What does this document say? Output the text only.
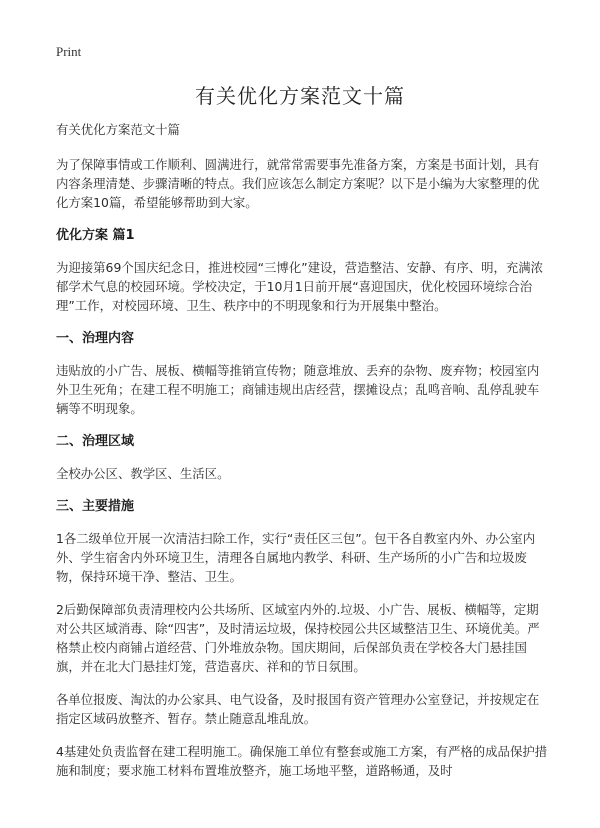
Print
有关优化方案范文十篇

有关优化方案范文十篇

为了保障事情或工作顺利、圆满进行，就常常需要事先准备方案，方案是书面计划，具有内容条理清楚、步骤清晰的特点。我们应该怎么制定方案呢？以下是小编为大家整理的优化方案10篇，希望能够帮助到大家。

优化方案 篇1

为迎接第69个国庆纪念日，推进校园“三博化”建设，营造整洁、安静、有序、明，充满浓郁学术气息的校园环境。学校决定，于10月1日前开展“喜迎国庆，优化校园环境综合治理”工作，对校园环境、卫生、秩序中的不明现象和行为开展集中整治。

一、治理内容

违贴放的小广告、展板、横幅等推销宣传物；随意堆放、丢弃的杂物、废弃物；校园室内外卫生死角；在建工程不明施工；商铺违规出店经营，摆摊设点；乱鸣音响、乱停乱驶车辆等不明现象。

二、治理区域

全校办公区、教学区、生活区。

三、主要措施

1各二级单位开展一次清洁扫除工作，实行“责任区三包”。包干各自教室内外、办公室内外、学生宿舍内外环境卫生，清理各自属地内教学、科研、生产场所的小广告和垃圾废物，保持环境干净、整洁、卫生。

2后勤保障部负责清理校内公共场所、区域室内外的.垃圾、小广告、展板、横幅等，定期对公共区域消毒、除“四害”，及时清运垃圾，保持校园公共区域整洁卫生、环境优美。严格禁止校内商铺占道经营、门外堆放杂物。国庆期间，后保部负责在学校各大门悬挂国旗，并在北大门悬挂灯笼，营造喜庆、祥和的节日氛围。

各单位报废、淘汰的办公家具、电气设备，及时报国有资产管理办公室登记，并按规定在指定区域码放整齐、暂存。禁止随意乱堆乱放。

4基建处负责监督在建工程明施工。确保施工单位有整套或施工方案，有严格的成品保护措施和制度；要求施工材料布置堆放整齐，施工场地平整，道路畅通，及时
